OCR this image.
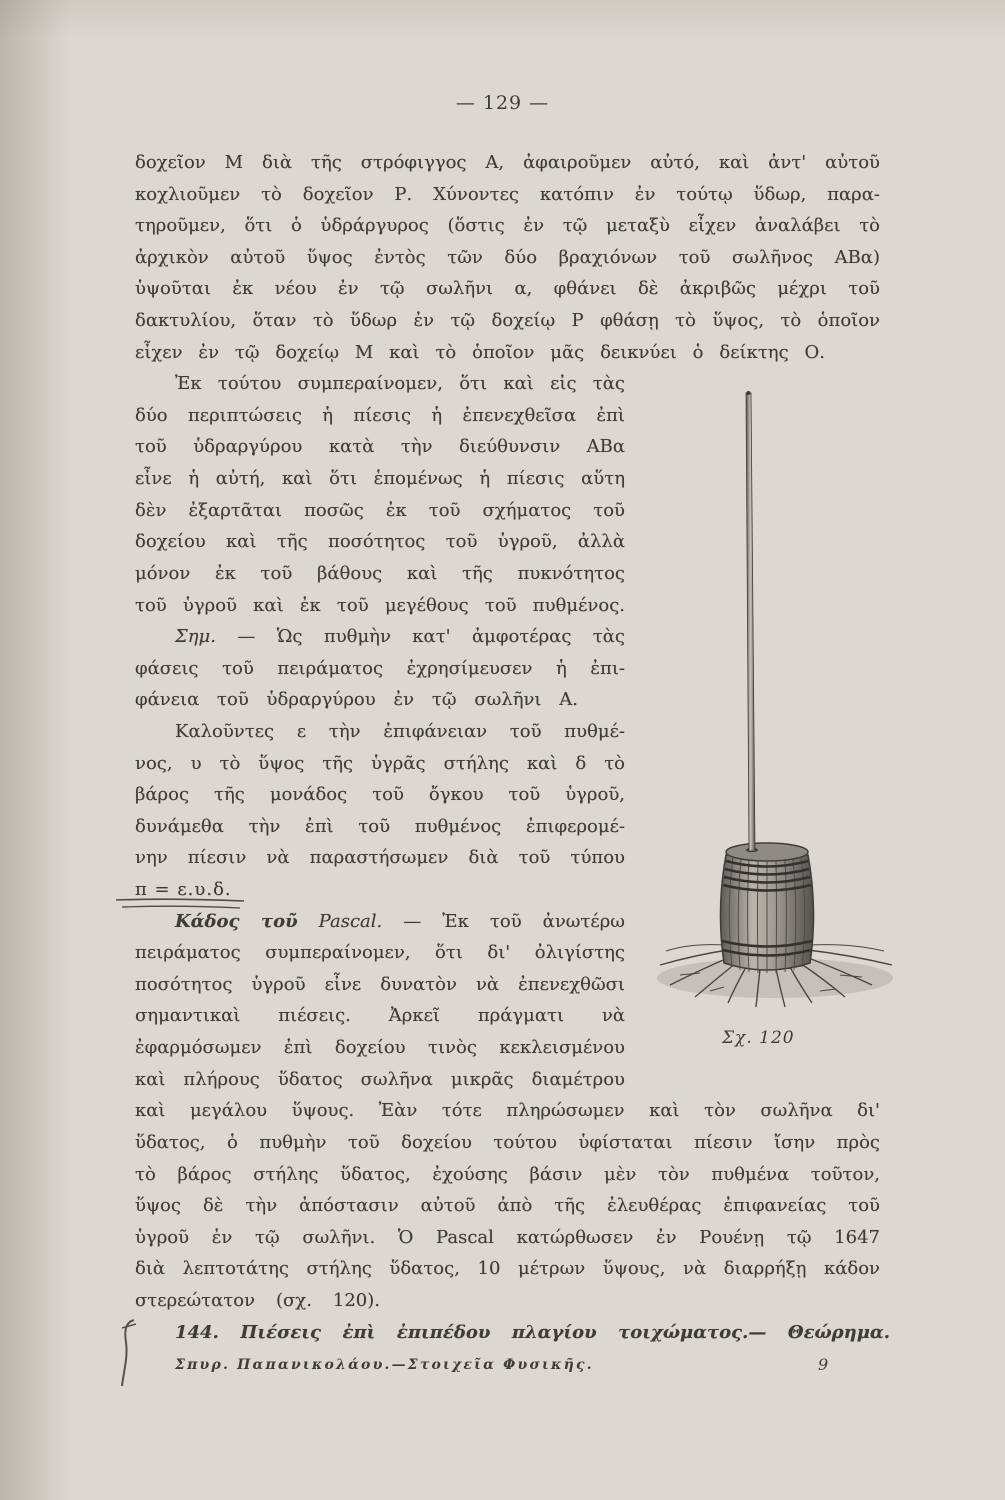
— 129 —
δοχεῖον Μ διὰ τῆς στρόφιγγος Α, ἀφαιροῦμεν αὐτό, καὶ ἀντ' αὐτοῦ
κοχλιοῦμεν τὸ δοχεῖον Ρ. Χύνοντες κατόπιν ἐν τούτῳ ὕδωρ, παρα-
τηροῦμεν, ὅτι ὁ ὑδράργυρος (ὅστις ἐν τῷ μεταξὺ εἶχεν ἀναλάβει τὸ
ἀρχικὸν αὐτοῦ ὕψος ἐντὸς τῶν δύο βραχιόνων τοῦ σωλῆνος ΑΒα)
ὑψοῦται ἐκ νέου ἐν τῷ σωλῆνι α, φθάνει δὲ ἀκριβῶς μέχρι τοῦ
δακτυλίου, ὅταν τὸ ὕδωρ ἐν τῷ δοχείῳ Ρ φθάσῃ τὸ ὕψος, τὸ ὁποῖον
εἶχεν ἐν τῷ δοχείῳ Μ καὶ τὸ ὁποῖον μᾶς δεικνύει ὁ δείκτης Ο.
Ἐκ τούτου συμπεραίνομεν, ὅτι καὶ εἰς τὰς
δύο περιπτώσεις ἡ πίεσις ἡ ἐπενεχθεῖσα ἐπὶ
τοῦ ὑδραργύρου κατὰ τὴν διεύθυνσιν ΑΒα
εἶνε ἡ αὐτή, καὶ ὅτι ἑπομένως ἡ πίεσις αὕτη
δὲν ἐξαρτᾶται ποσῶς ἐκ τοῦ σχήματος τοῦ
δοχείου καὶ τῆς ποσότητος τοῦ ὑγροῦ, ἀλλὰ
μόνον ἐκ τοῦ βάθους καὶ τῆς πυκνότητος
τοῦ ὑγροῦ καὶ ἐκ τοῦ μεγέθους τοῦ πυθμένος.
Σημ. — Ὡς πυθμὴν κατ' ἀμφοτέρας τὰς
φάσεις τοῦ πειράματος ἐχρησίμευσεν ἡ ἐπι-
φάνεια τοῦ ὑδραργύρου ἐν τῷ σωλῆνι Α.
Καλοῦντες ε τὴν ἐπιφάνειαν τοῦ πυθμέ-
νος, υ τὸ ὕψος τῆς ὑγρᾶς στήλης καὶ δ τὸ
βάρος τῆς μονάδος τοῦ ὄγκου τοῦ ὑγροῦ,
δυνάμεθα τὴν ἐπὶ τοῦ πυθμένος ἐπιφερομέ-
νην πίεσιν νὰ παραστήσωμεν διὰ τοῦ τύπου
π = ε.υ.δ.
Κάδος τοῦ Pascal. — Ἐκ τοῦ ἀνωτέρω
πειράματος συμπεραίνομεν, ὅτι δι' ὀλιγίστης
ποσότητος ὑγροῦ εἶνε δυνατὸν νὰ ἐπενεχθῶσι
σημαντικαὶ πιέσεις. Ἀρκεῖ πράγματι νὰ
ἐφαρμόσωμεν ἐπὶ δοχείου τινὸς κεκλεισμένου
καὶ πλήρους ὕδατος σωλῆνα μικρᾶς διαμέτρου
καὶ μεγάλου ὕψους. Ἐὰν τότε πληρώσωμεν καὶ τὸν σωλῆνα δι'
ὕδατος, ὁ πυθμὴν τοῦ δοχείου τούτου ὑφίσταται πίεσιν ἴσην πρὸς
τὸ βάρος στήλης ὕδατος, ἐχούσης βάσιν μὲν τὸν πυθμένα τοῦτον,
ὕψος δὲ τὴν ἀπόστασιν αὐτοῦ ἀπὸ τῆς ἐλευθέρας ἐπιφανείας τοῦ
ὑγροῦ ἐν τῷ σωλῆνι. Ὁ Pascal κατώρθωσεν ἐν Ρουένῃ τῷ 1647
διὰ λεπτοτάτης στήλης ὕδατος, 10 μέτρων ὕψους, νὰ διαρρήξῃ κάδον
στερεώτατον (σχ. 120).
144. Πιέσεις ἐπὶ ἐπιπέδου πλαγίου τοιχώματος.— Θεώρημα.
Σχ. 120
Σπυρ. Παπανικολάου.—Στοιχεῖα Φυσικῆς.	9
